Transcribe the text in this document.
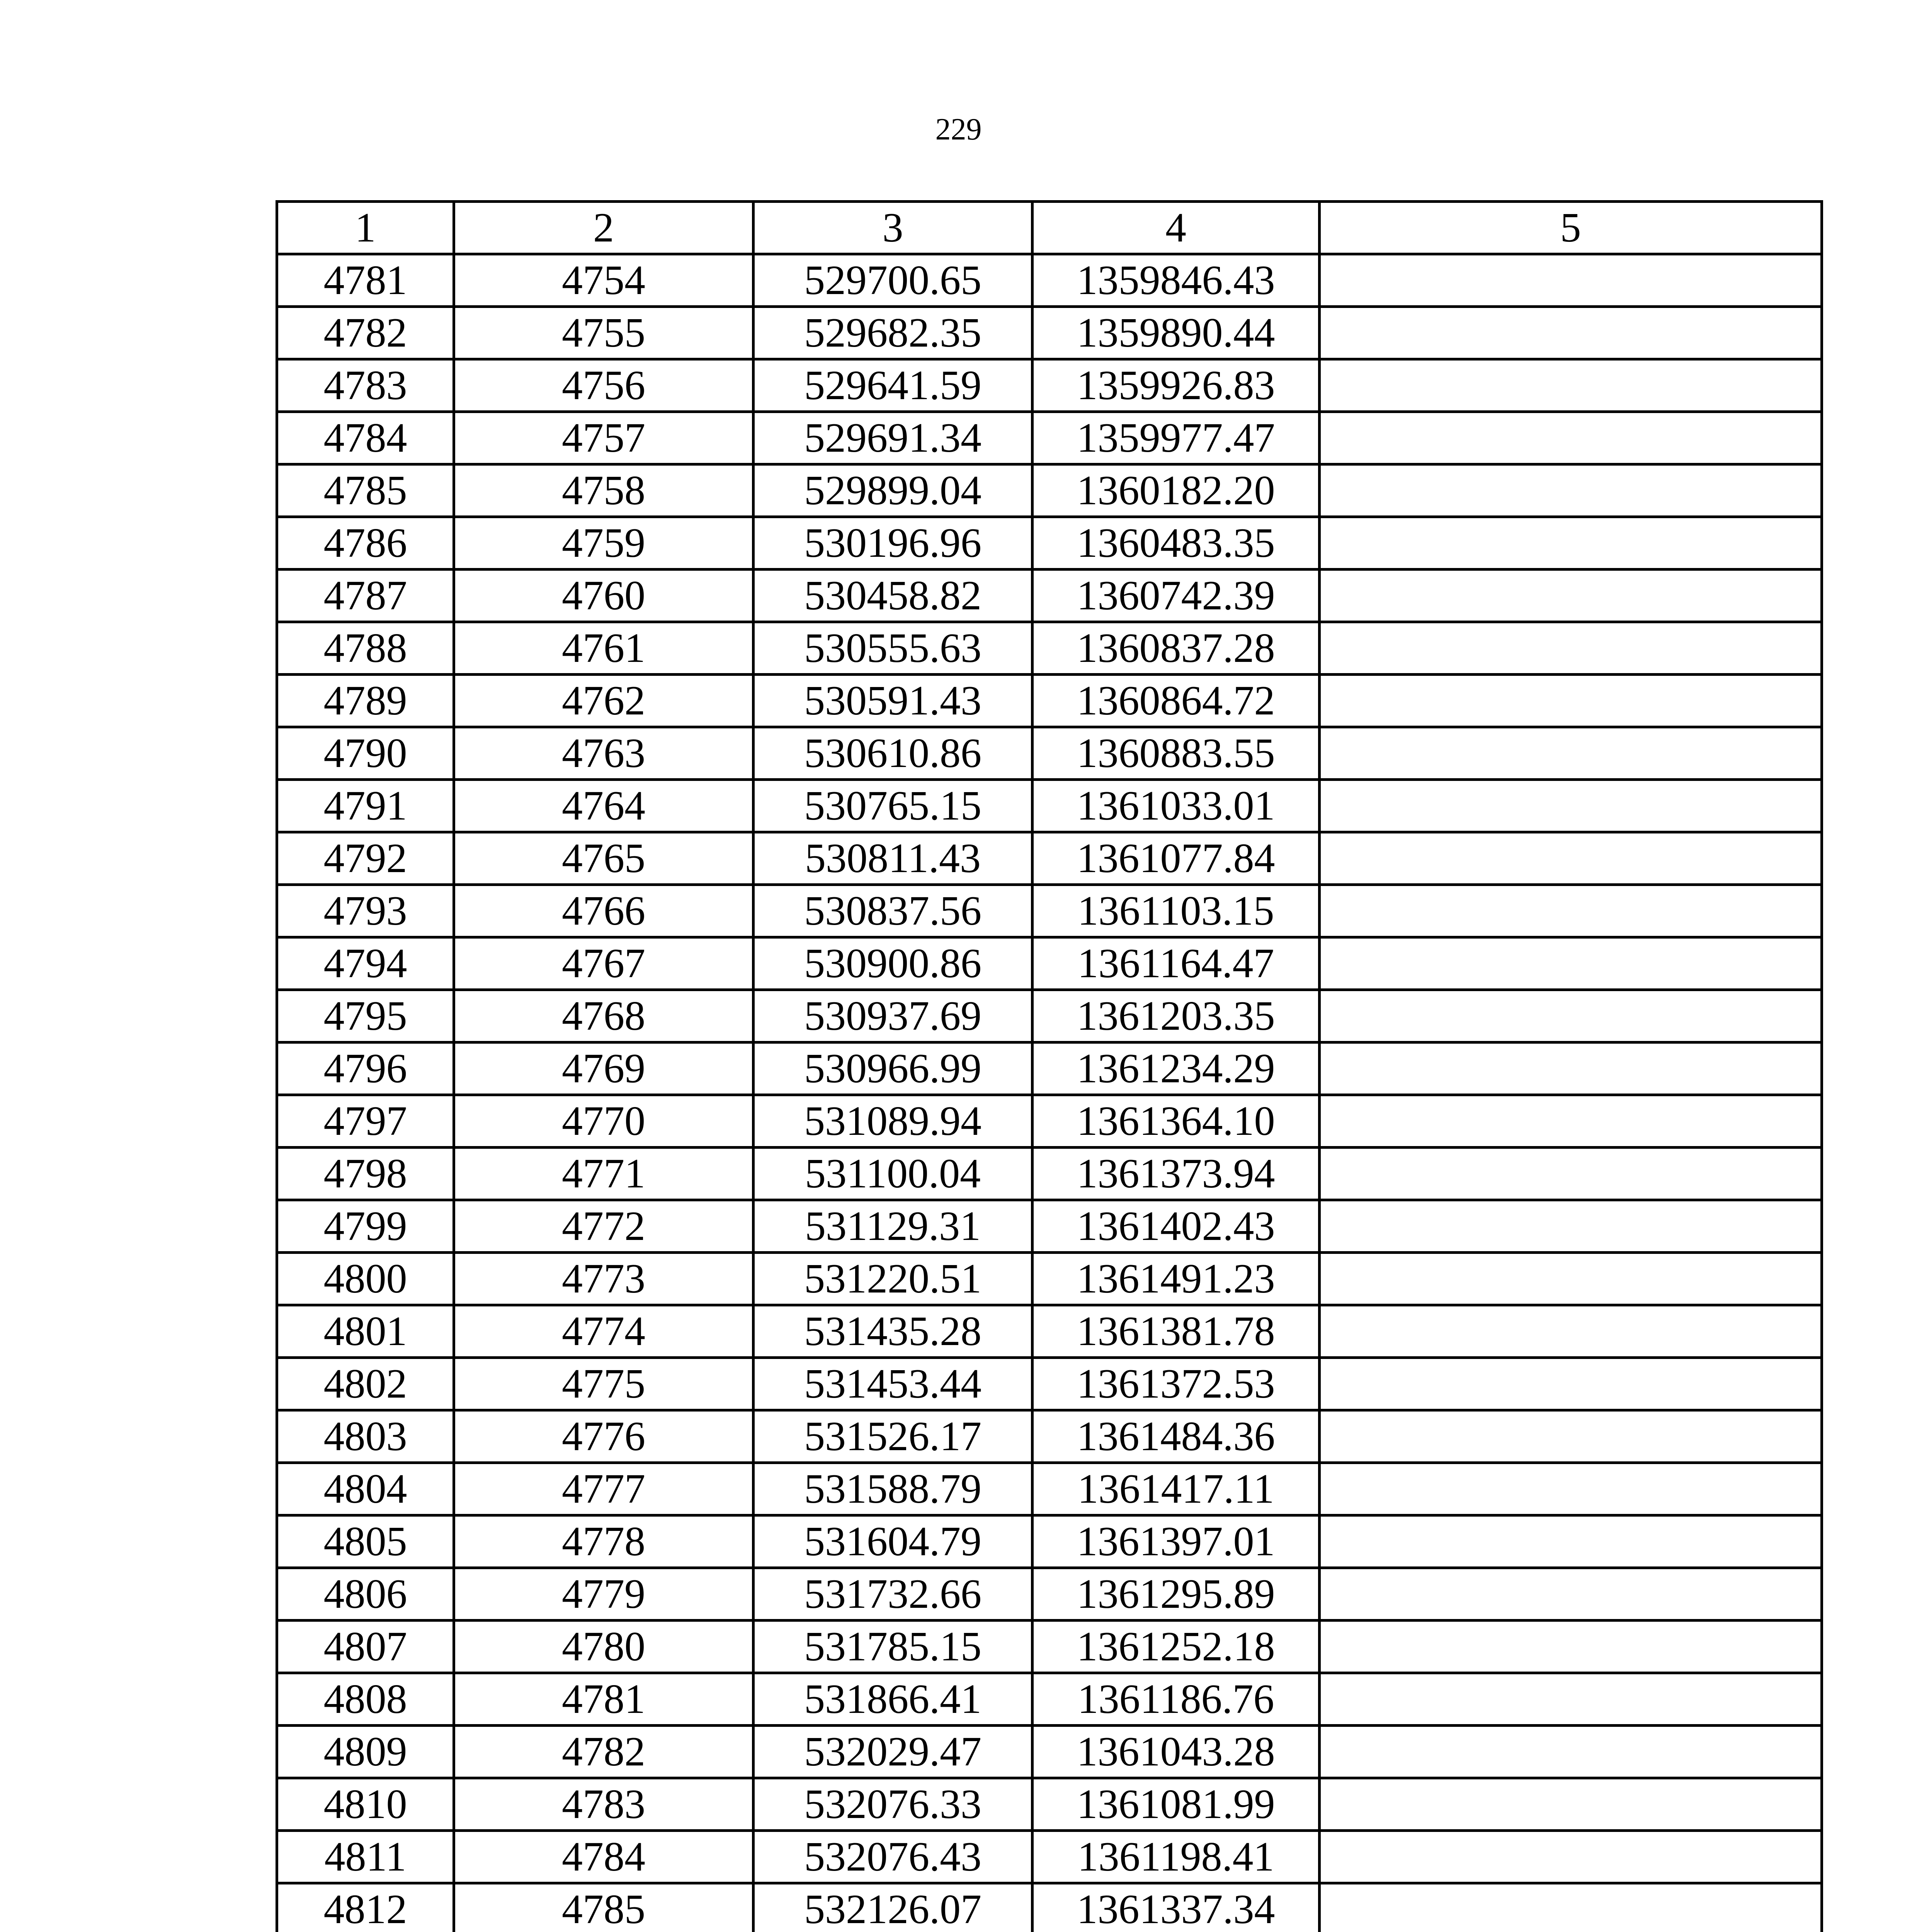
229
1	2	3	4	5
4781	4754	529700.65	1359846.43	
4782	4755	529682.35	1359890.44	
4783	4756	529641.59	1359926.83	
4784	4757	529691.34	1359977.47	
4785	4758	529899.04	1360182.20	
4786	4759	530196.96	1360483.35	
4787	4760	530458.82	1360742.39	
4788	4761	530555.63	1360837.28	
4789	4762	530591.43	1360864.72	
4790	4763	530610.86	1360883.55	
4791	4764	530765.15	1361033.01	
4792	4765	530811.43	1361077.84	
4793	4766	530837.56	1361103.15	
4794	4767	530900.86	1361164.47	
4795	4768	530937.69	1361203.35	
4796	4769	530966.99	1361234.29	
4797	4770	531089.94	1361364.10	
4798	4771	531100.04	1361373.94	
4799	4772	531129.31	1361402.43	
4800	4773	531220.51	1361491.23	
4801	4774	531435.28	1361381.78	
4802	4775	531453.44	1361372.53	
4803	4776	531526.17	1361484.36	
4804	4777	531588.79	1361417.11	
4805	4778	531604.79	1361397.01	
4806	4779	531732.66	1361295.89	
4807	4780	531785.15	1361252.18	
4808	4781	531866.41	1361186.76	
4809	4782	532029.47	1361043.28	
4810	4783	532076.33	1361081.99	
4811	4784	532076.43	1361198.41	
4812	4785	532126.07	1361337.34	
